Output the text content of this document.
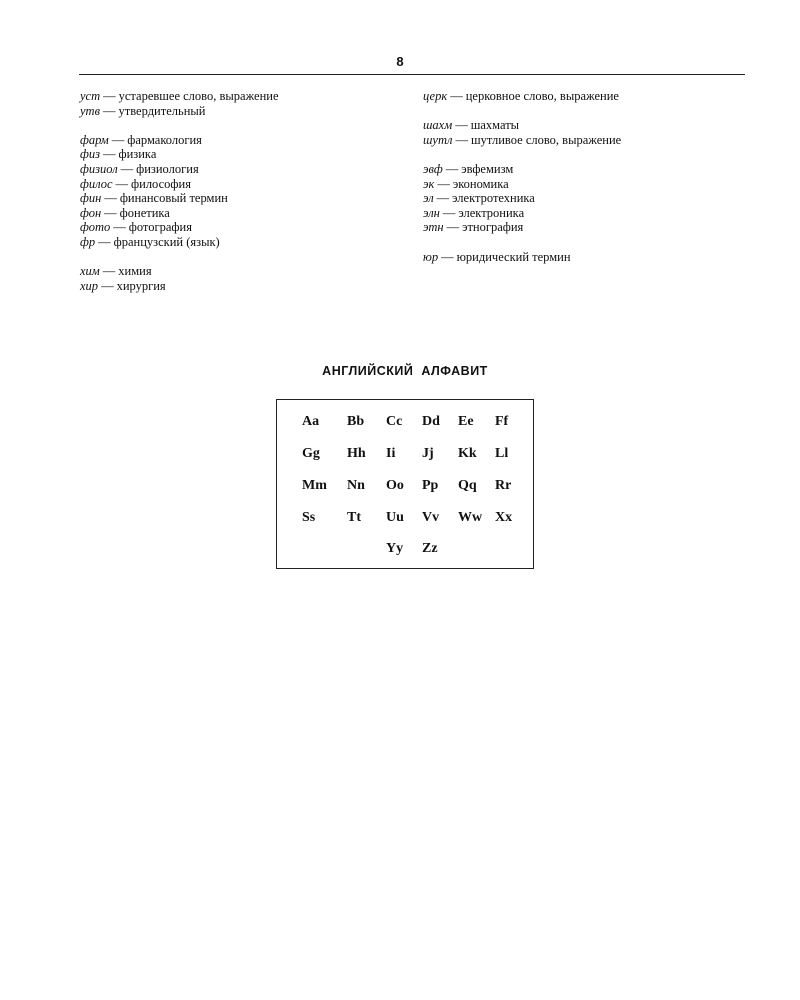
8
уст — устаревшее слово, выражение
утв — утвердительный
фарм — фармакология
физ — физика
физиол — физиология
филос — философия
фин — финансовый термин
фон — фонетика
фото — фотография
фр — французский (язык)
хим — химия
хир — хирургия
церк — церковное слово, выражение
шахм — шахматы
шутл — шутливое слово, выражение
эвф — эвфемизм
эк — экономика
эл — электротехника
элн — электроника
этн — этнография
юр — юридический термин
АНГЛИЙСКИЙ АЛФАВИТ
Aa Bb Cc Dd Ee Ff
Gg Hh Ii Jj Kk Ll
Mm Nn Oo Pp Qq Rr
Ss Tt Uu Vv Ww Xx
Yy Zz
